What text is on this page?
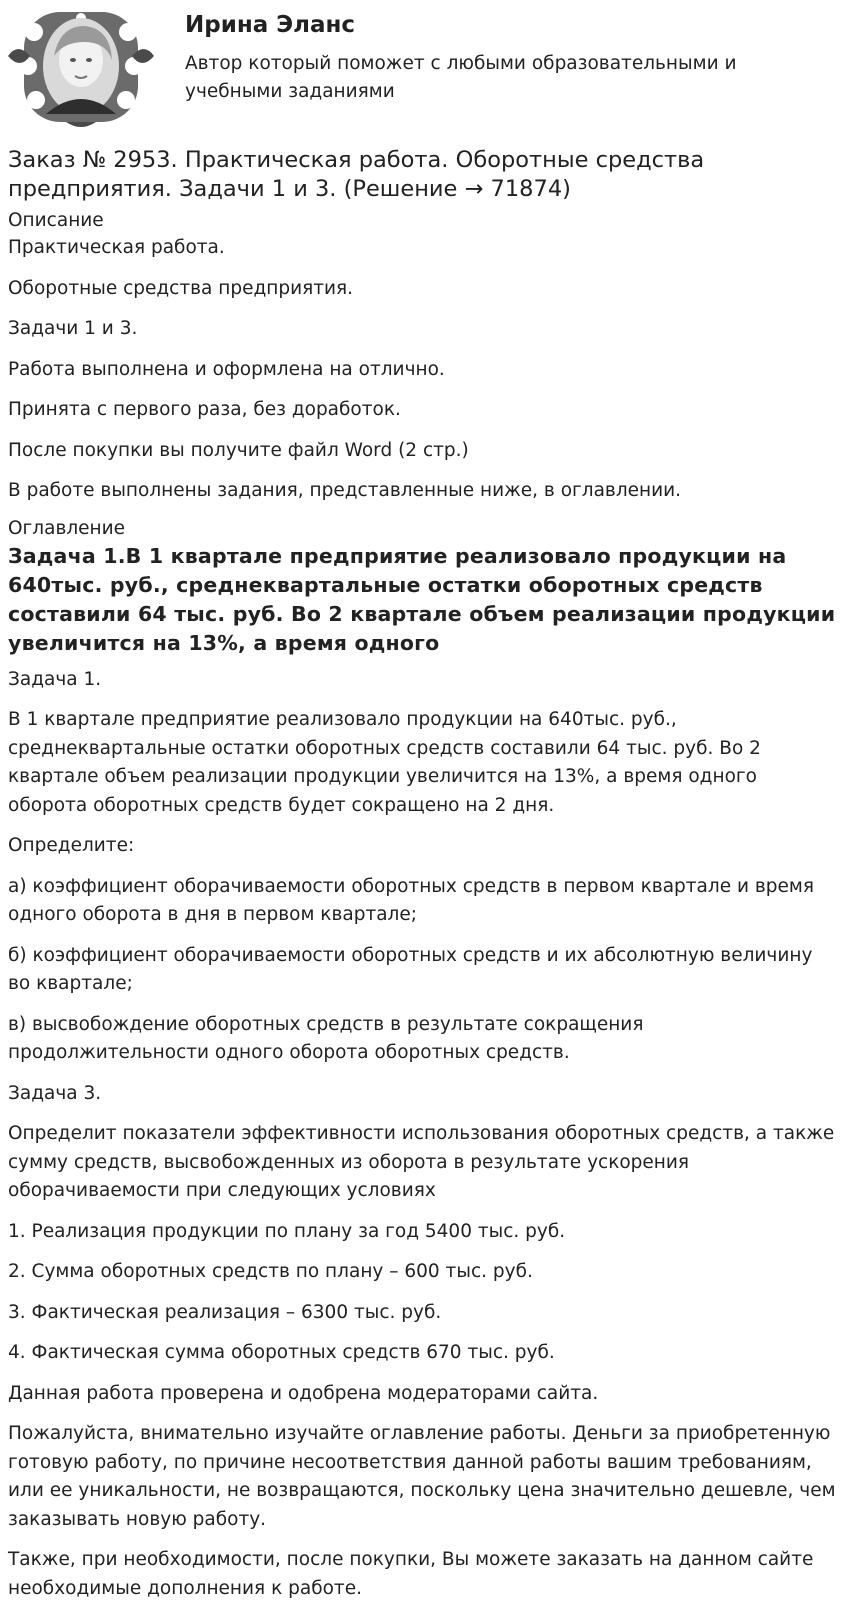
Ирина Эланс
Автор который поможет с любыми образовательными и учебными заданиями
Заказ № 2953. Практическая работа. Оборотные средства предприятия. Задачи 1 и 3. (Решение → 71874)
Описание

Практическая работа.

Оборотные средства предприятия.

Задачи 1 и 3.

Работа выполнена и оформлена на отлично.

Принята с первого раза, без доработок.

После покупки вы получите файл Word (2 стр.)

В работе выполнены задания, представленные ниже, в оглавлении.

Оглавление
Задача 1.В 1 квартале предприятие реализовало продукции на 640тыс. руб., среднеквартальные остатки оборотных средств составили 64 тыс. руб. Во 2 квартале объем реализации продукции увеличится на 13%, а время одного

Задача 1.

В 1 квартале предприятие реализовало продукции на 640тыс. руб., среднеквартальные остатки оборотных средств составили 64 тыс. руб. Во 2 квартале объем реализации продукции увеличится на 13%, а время одного оборота оборотных средств будет сокращено на 2 дня.

Определите:

а) коэффициент оборачиваемости оборотных средств в первом квартале и время одного оборота в дня в первом квартале;

б) коэффициент оборачиваемости оборотных средств и их абсолютную величину во квартале;

в) высвобождение оборотных средств в результате сокращения продолжительности одного оборота оборотных средств.

Задача 3.

Определит показатели эффективности использования оборотных средств, а также сумму средств, высвобожденных из оборота в результате ускорения оборачиваемости при следующих условиях

1. Реализация продукции по плану за год 5400 тыс. руб.

2. Сумма оборотных средств по плану – 600 тыс. руб.

3. Фактическая реализация – 6300 тыс. руб.

4. Фактическая сумма оборотных средств 670 тыс. руб.

Данная работа проверена и одобрена модераторами сайта.

Пожалуйста, внимательно изучайте оглавление работы. Деньги за приобретенную готовую работу, по причине несоответствия данной работы вашим требованиям, или ее уникальности, не возвращаются, поскольку цена значительно дешевле, чем заказывать новую работу.

Также, при необходимости, после покупки, Вы можете заказать на данном сайте необходимые дополнения к работе.
